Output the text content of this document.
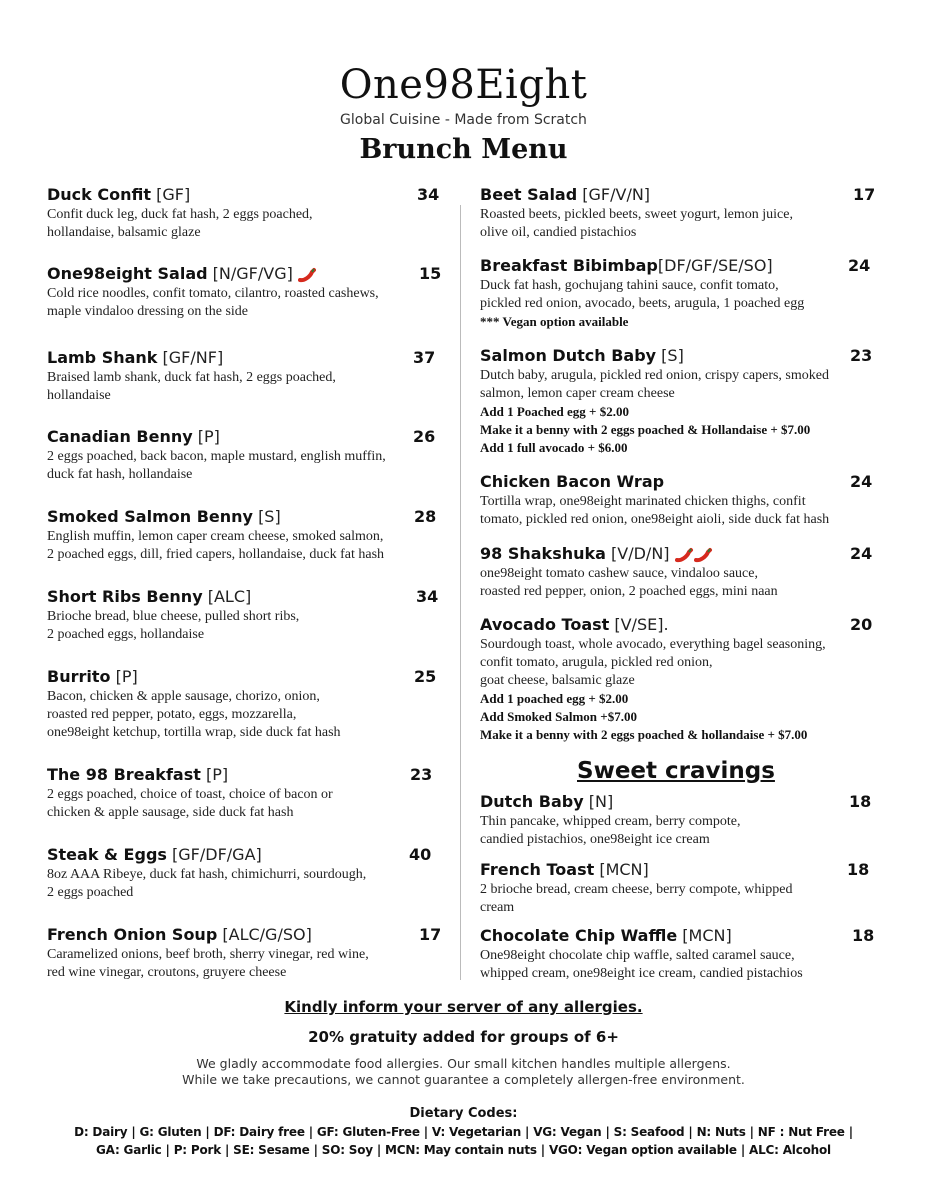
One98Eight
Global Cuisine - Made from Scratch
Brunch Menu
Duck Confit [GF]	34
Confit duck leg, duck fat hash, 2 eggs poached,
hollandaise, balsamic glaze
One98eight Salad [N/GF/VG]	15
Cold rice noodles, confit tomato, cilantro, roasted cashews,
maple vindaloo dressing on the side
Lamb Shank [GF/NF]	37
Braised lamb shank, duck fat hash, 2 eggs poached,
hollandaise
Canadian Benny [P]	26
2 eggs poached, back bacon, maple mustard, english muffin,
duck fat hash, hollandaise
Smoked Salmon Benny [S]	28
English muffin, lemon caper cream cheese, smoked salmon,
2 poached eggs, dill, fried capers, hollandaise, duck fat hash
Short Ribs Benny [ALC]	34
Brioche bread, blue cheese, pulled short ribs,
2 poached eggs, hollandaise
Burrito [P]	25
Bacon, chicken & apple sausage, chorizo, onion,
roasted red pepper, potato, eggs, mozzarella,
one98eight ketchup, tortilla wrap, side duck fat hash
The 98 Breakfast [P]	23
2 eggs poached, choice of toast, choice of bacon or
chicken & apple sausage, side duck fat hash
Steak & Eggs [GF/DF/GA]	40
8oz AAA Ribeye, duck fat hash, chimichurri, sourdough,
2 eggs poached
French Onion Soup [ALC/G/SO]	17
Caramelized onions, beef broth, sherry vinegar, red wine,
red wine vinegar, croutons, gruyere cheese
Beet Salad [GF/V/N]	17
Roasted beets, pickled beets, sweet yogurt, lemon juice,
olive oil, candied pistachios
Breakfast Bibimbap[DF/GF/SE/SO]	24
Duck fat hash, gochujang tahini sauce, confit tomato,
pickled red onion, avocado, beets, arugula, 1 poached egg
*** Vegan option available
Salmon Dutch Baby [S]	23
Dutch baby, arugula, pickled red onion, crispy capers, smoked
salmon, lemon caper cream cheese
Add 1 Poached egg + $2.00
Make it a benny with 2 eggs poached & Hollandaise + $7.00
Add 1 full avocado + $6.00
Chicken Bacon Wrap	24
Tortilla wrap, one98eight marinated chicken thighs, confit
tomato, pickled red onion, one98eight aioli, side duck fat hash
98 Shakshuka [V/D/N]	24
one98eight tomato cashew sauce, vindaloo sauce,
roasted red pepper, onion, 2 poached eggs, mini naan
Avocado Toast [V/SE].	20
Sourdough toast, whole avocado, everything bagel seasoning,
confit tomato, arugula, pickled red onion,
goat cheese, balsamic glaze
Add 1 poached egg + $2.00
Add Smoked Salmon +$7.00
Make it a benny with 2 eggs poached & hollandaise + $7.00
Sweet cravings
Dutch Baby [N]	18
Thin pancake, whipped cream, berry compote,
candied pistachios, one98eight ice cream
French Toast [MCN]	18
2 brioche bread, cream cheese, berry compote, whipped
cream
Chocolate Chip Waffle [MCN]	18
One98eight chocolate chip waffle, salted caramel sauce,
whipped cream, one98eight ice cream, candied pistachios
Kindly inform your server of any allergies.
20% gratuity added for groups of 6+
We gladly accommodate food allergies. Our small kitchen handles multiple allergens.
While we take precautions, we cannot guarantee a completely allergen-free environment.
Dietary Codes:
D: Dairy | G: Gluten | DF: Dairy free | GF: Gluten-Free | V: Vegetarian | VG: Vegan | S: Seafood | N: Nuts | NF : Nut Free |
GA: Garlic | P: Pork | SE: Sesame | SO: Soy | MCN: May contain nuts | VGO: Vegan option available | ALC: Alcohol
